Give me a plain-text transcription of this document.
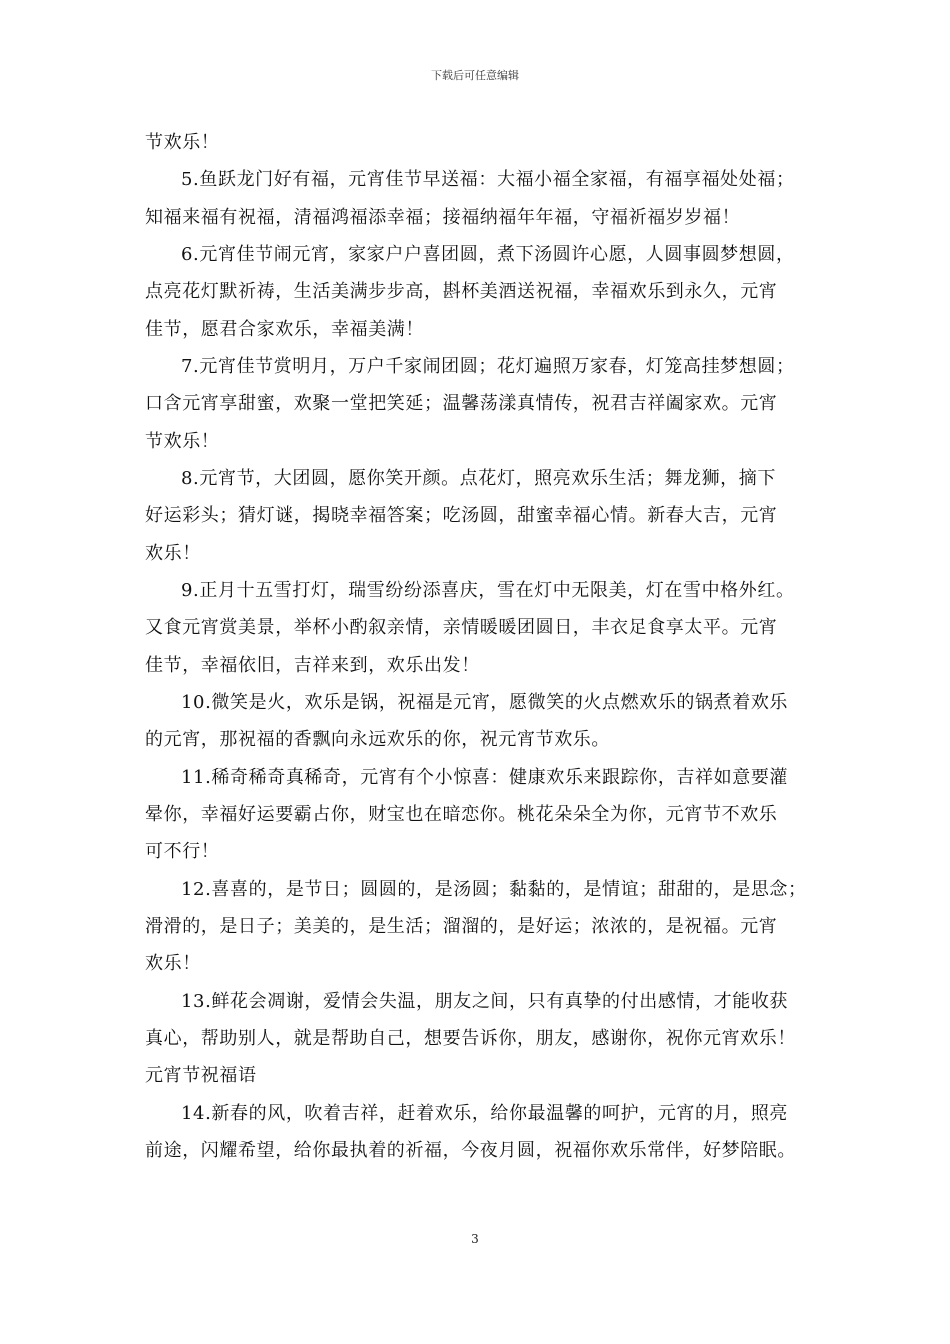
下载后可任意编辑
节欢乐！
5.鱼跃龙门好有福，元宵佳节早送福：大福小福全家福，有福享福处处福；
知福来福有祝福，清福鸿福添幸福；接福纳福年年福，守福祈福岁岁福！
6.元宵佳节闹元宵，家家户户喜团圆，煮下汤圆许心愿，人圆事圆梦想圆，
点亮花灯默祈祷，生活美满步步高，斟杯美酒送祝福，幸福欢乐到永久，元宵
佳节，愿君合家欢乐，幸福美满！
7.元宵佳节赏明月，万户千家闹团圆；花灯遍照万家春，灯笼高挂梦想圆；
口含元宵享甜蜜，欢聚一堂把笑延；温馨荡漾真情传，祝君吉祥阖家欢。元宵
节欢乐！
8.元宵节，大团圆，愿你笑开颜。点花灯，照亮欢乐生活；舞龙狮，摘下
好运彩头；猜灯谜，揭晓幸福答案；吃汤圆，甜蜜幸福心情。新春大吉，元宵
欢乐！
9.正月十五雪打灯，瑞雪纷纷添喜庆，雪在灯中无限美，灯在雪中格外红。
又食元宵赏美景，举杯小酌叙亲情，亲情暖暖团圆日，丰衣足食享太平。元宵
佳节，幸福依旧，吉祥来到，欢乐出发！
10.微笑是火，欢乐是锅，祝福是元宵，愿微笑的火点燃欢乐的锅煮着欢乐
的元宵，那祝福的香飘向永远欢乐的你，祝元宵节欢乐。
11.稀奇稀奇真稀奇，元宵有个小惊喜：健康欢乐来跟踪你，吉祥如意要灌
晕你，幸福好运要霸占你，财宝也在暗恋你。桃花朵朵全为你，元宵节不欢乐
可不行！
12.喜喜的，是节日；圆圆的，是汤圆；黏黏的，是情谊；甜甜的，是思念；
滑滑的，是日子；美美的，是生活；溜溜的，是好运；浓浓的，是祝福。元宵
欢乐！
13.鲜花会凋谢，爱情会失温，朋友之间，只有真挚的付出感情，才能收获
真心，帮助别人，就是帮助自己，想要告诉你，朋友，感谢你，祝你元宵欢乐！
元宵节祝福语
14.新春的风，吹着吉祥，赶着欢乐，给你最温馨的呵护，元宵的月，照亮
前途，闪耀希望，给你最执着的祈福，今夜月圆，祝福你欢乐常伴，好梦陪眠。
3
